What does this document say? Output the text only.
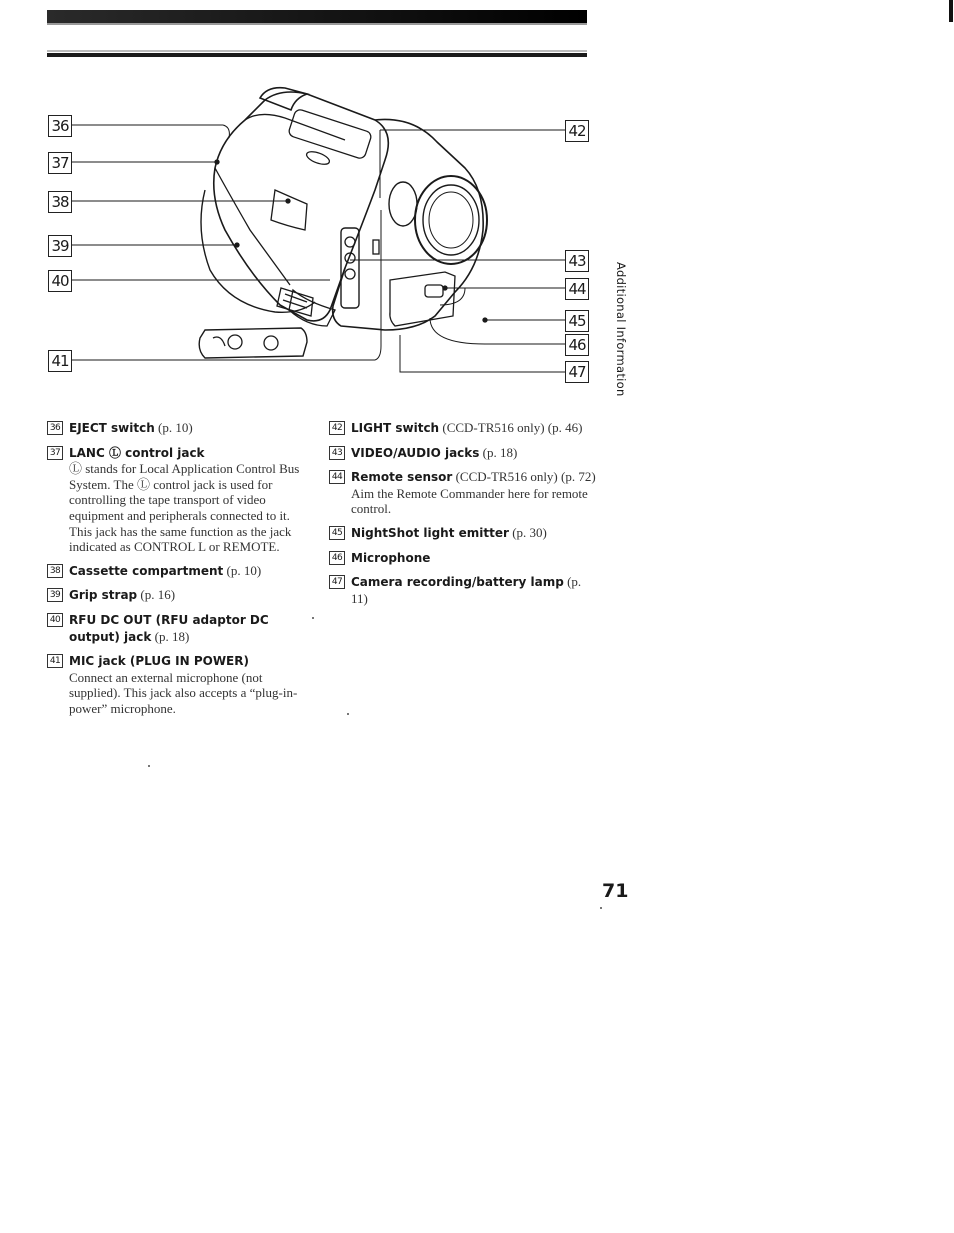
36
37
38
39
40
41
42
43
44
45
46
47	Additional Information
36 EJECT switch (p. 10)
37 LANC Ⓛ control jack
Ⓛ stands for Local Application Control Bus System. The Ⓛ control jack is used for controlling the tape transport of video equipment and peripherals connected to it. This jack has the same function as the jack indicated as CONTROL L or REMOTE.
38 Cassette compartment (p. 10)
39 Grip strap (p. 16)
40 RFU DC OUT (RFU adaptor DC output) jack (p. 18)
41 MIC jack (PLUG IN POWER)
Connect an external microphone (not supplied). This jack also accepts a “plug-in-power” microphone.
42 LIGHT switch (CCD-TR516 only) (p. 46)
43 VIDEO/AUDIO jacks (p. 18)
44 Remote sensor (CCD-TR516 only) (p. 72)
Aim the Remote Commander here for remote control.
45 NightShot light emitter (p. 30)
46 Microphone
47 Camera recording/battery lamp (p. 11)
71
